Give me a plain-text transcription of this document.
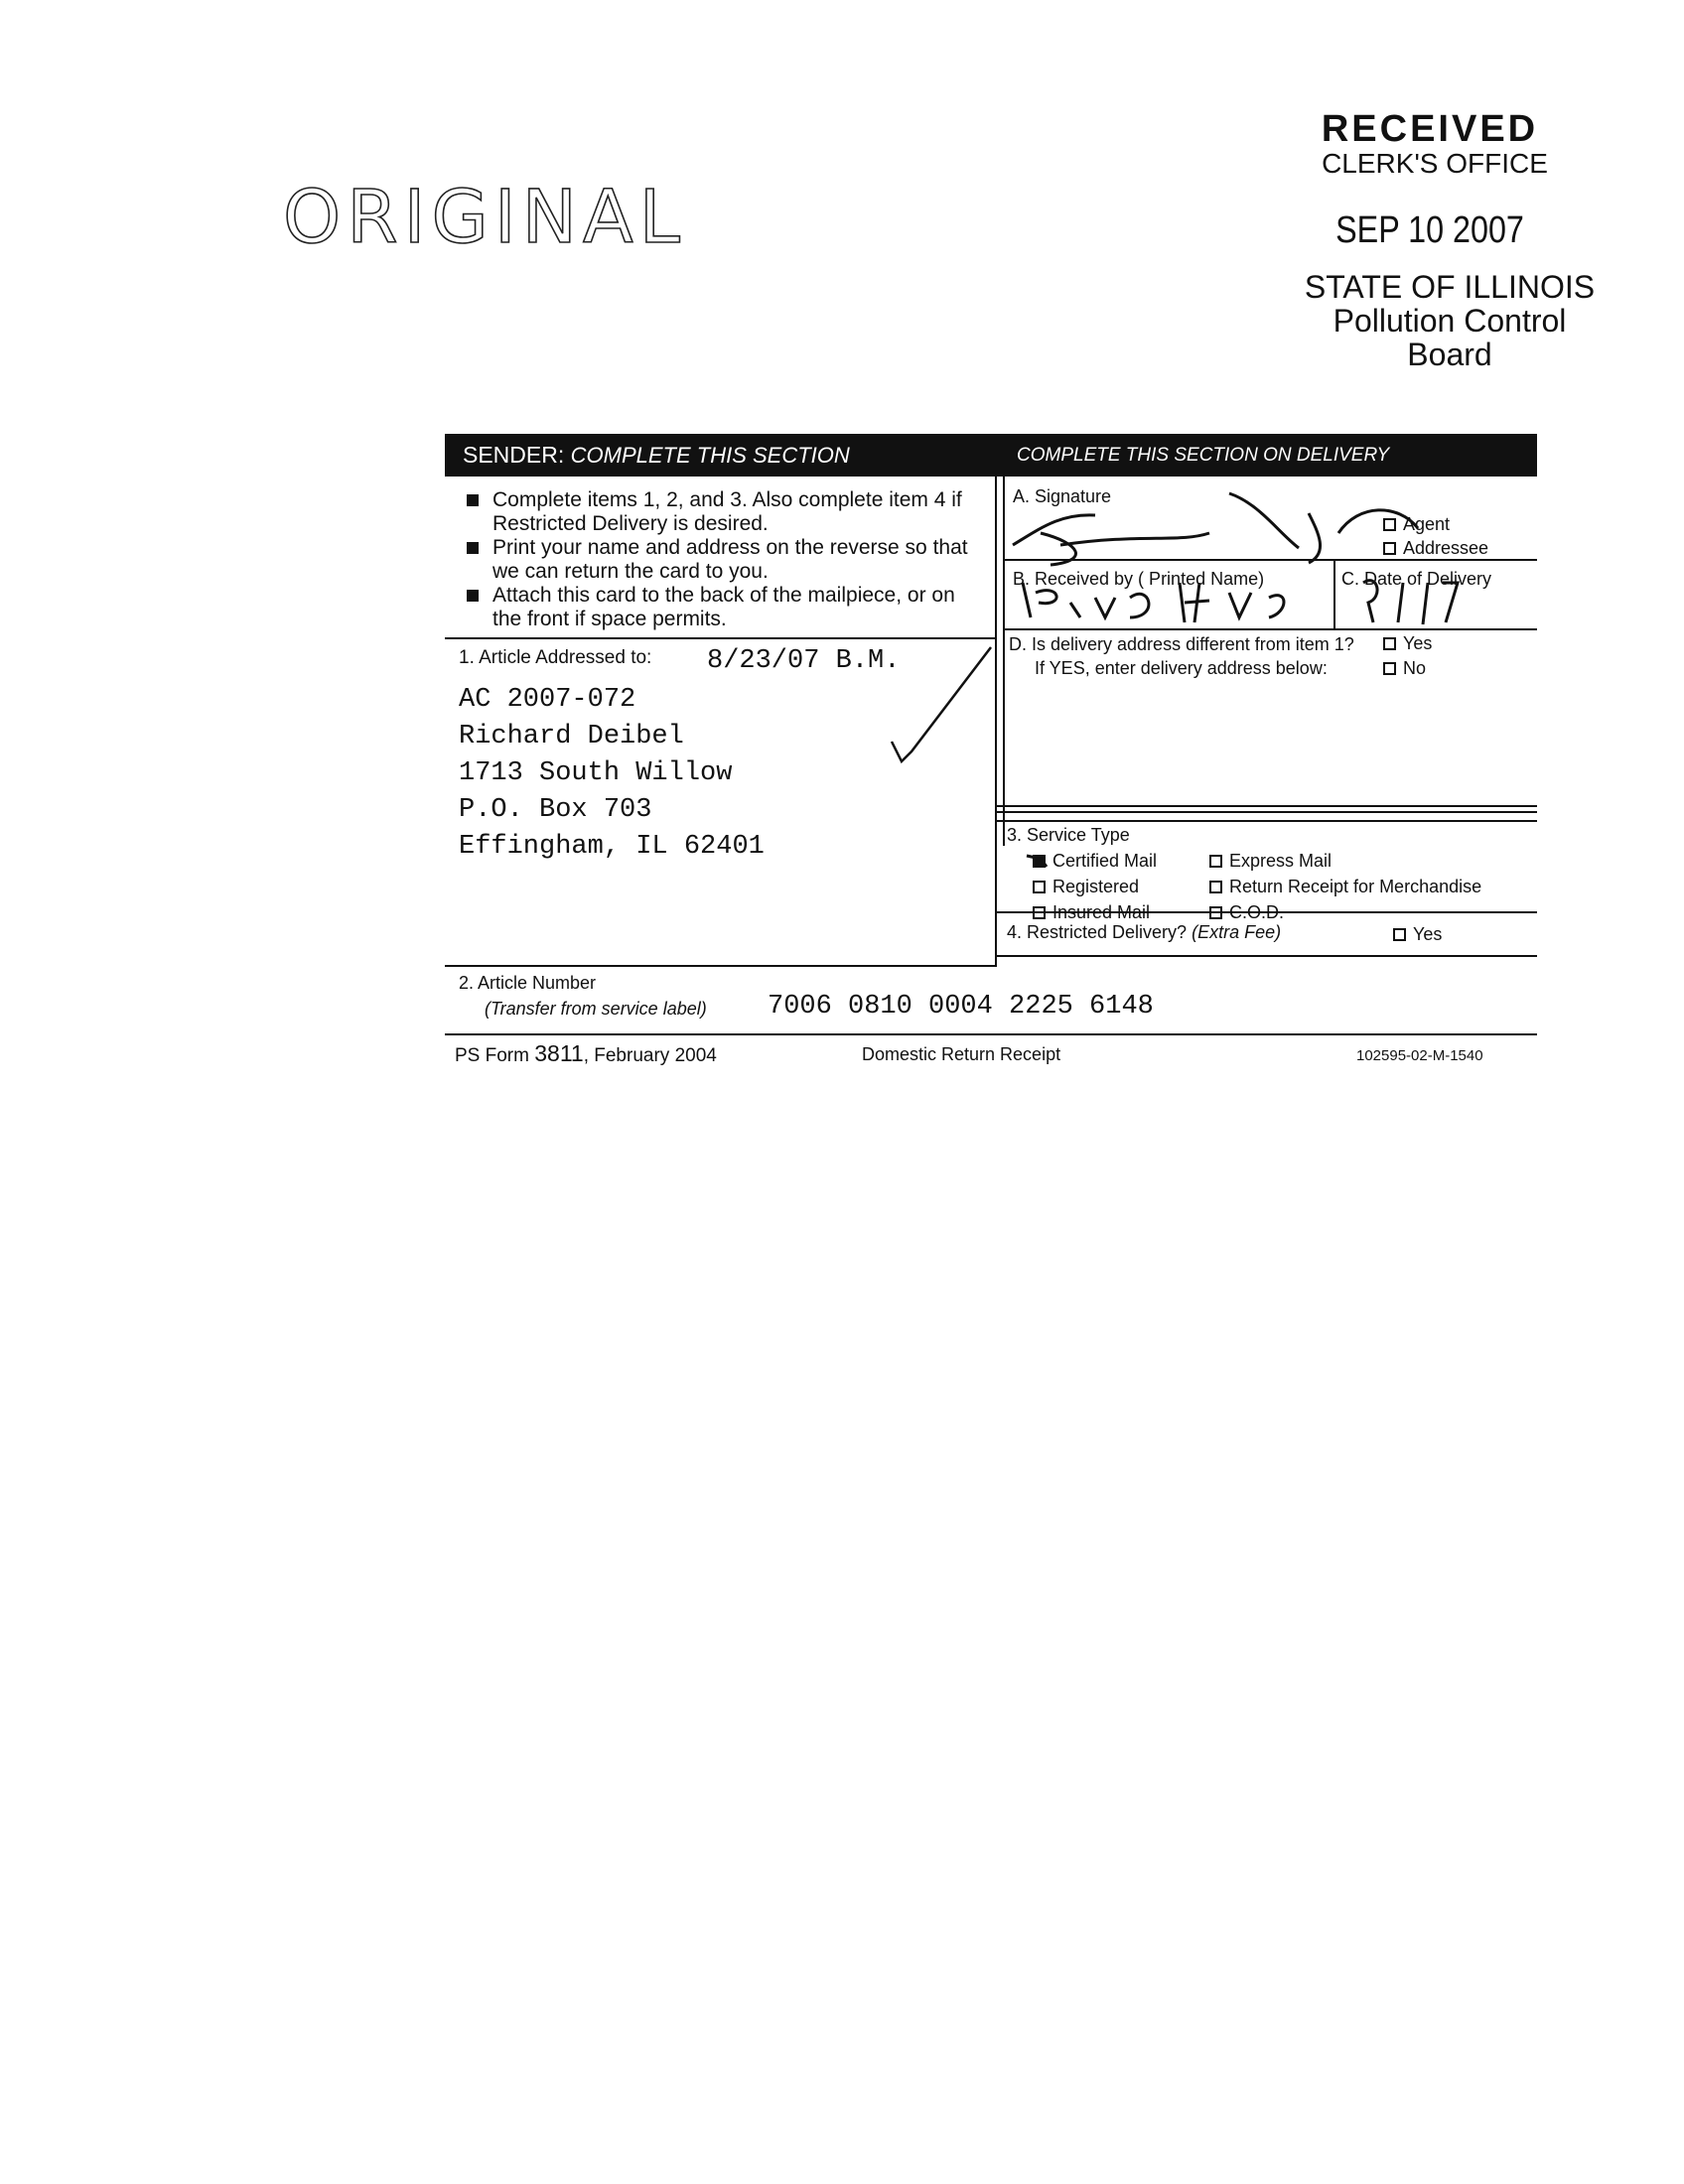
ORIGINAL
RECEIVED
CLERK'S OFFICE
SEP 10 2007
STATE OF ILLINOIS
Pollution Control Board
SENDER: COMPLETE THIS SECTION	COMPLETE THIS SECTION ON DELIVERY
Complete items 1, 2, and 3. Also complete item 4 if Restricted Delivery is desired.
Print your name and address on the reverse so that we can return the card to you.
Attach this card to the back of the mailpiece, or on the front if space permits.
1. Article Addressed to: 8/23/07 B.M.
AC 2007-072
Richard Deibel
1713 South Willow
P.O. Box 703
Effingham, IL 62401
A. Signature
Agent
Addressee
B. Received by ( Printed Name)	C. Date of Delivery
D. Is delivery address different from item 1?	Yes
If YES, enter delivery address below:	No
3. Service Type
Certified Mail	Express Mail
Registered	Return Receipt for Merchandise
Insured Mail	C.O.D.
4. Restricted Delivery? (Extra Fee)	Yes
2. Article Number
(Transfer from service label) 7006 0810 0004 2225 6148
PS Form 3811, February 2004	Domestic Return Receipt	102595-02-M-1540
